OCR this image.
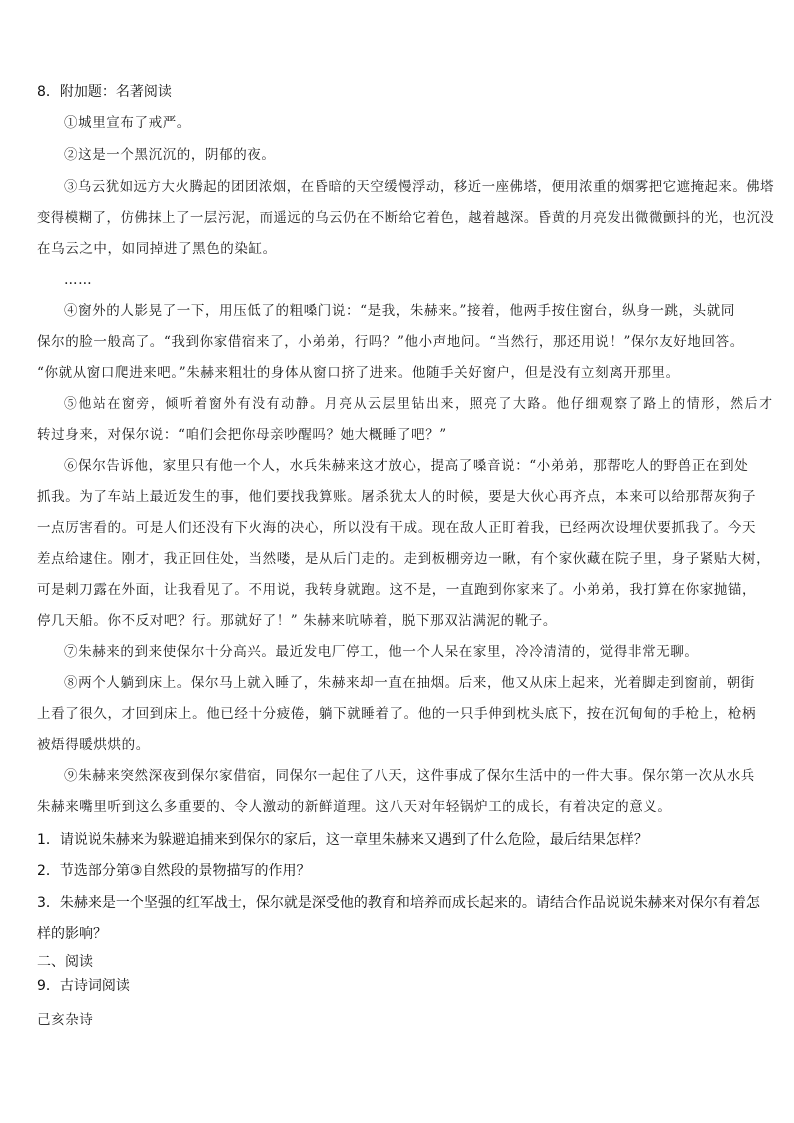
8．附加题：名著阅读
①城里宣布了戒严。
②这是一个黑沉沉的，阴郁的夜。
③乌云犹如远方大火腾起的团团浓烟，在昏暗的天空缓慢浮动，移近一座佛塔，便用浓重的烟雾把它遮掩起来。佛塔
变得模糊了，仿佛抹上了一层污泥，而遥远的乌云仍在不断给它着色，越着越深。昏黄的月亮发出微微颤抖的光，也沉没
在乌云之中，如同掉进了黑色的染缸。
……
④窗外的人影晃了一下，用压低了的粗嗓门说：“是我，朱赫来。”接着，他两手按住窗台，纵身一跳，头就同
保尔的脸一般高了。“我到你家借宿来了，小弟弟，行吗？”他小声地问。“当然行，那还用说！”保尔友好地回答。
“你就从窗口爬进来吧。”朱赫来粗壮的身体从窗口挤了进来。他随手关好窗户，但是没有立刻离开那里。
⑤他站在窗旁，倾听着窗外有没有动静。月亮从云层里钻出来，照亮了大路。他仔细观察了路上的情形，然后才
转过身来，对保尔说：“咱们会把你母亲吵醒吗？她大概睡了吧？”
⑥保尔告诉他，家里只有他一个人，水兵朱赫来这才放心，提高了嗓音说：“小弟弟，那帮吃人的野兽正在到处
抓我。为了车站上最近发生的事，他们要找我算账。屠杀犹太人的时候，要是大伙心再齐点，本来可以给那帮灰狗子
一点厉害看的。可是人们还没有下火海的决心，所以没有干成。现在敌人正盯着我，已经两次设埋伏要抓我了。今天
差点给逮住。刚才，我正回住处，当然喽，是从后门走的。走到板棚旁边一瞅，有个家伙藏在院子里，身子紧贴大树，
可是刺刀露在外面，让我看见了。不用说，我转身就跑。这不是，一直跑到你家来了。小弟弟，我打算在你家抛锚，
停几天船。你不反对吧？行。那就好了！” 朱赫来吭哧着，脱下那双沾满泥的靴子。
⑦朱赫来的到来使保尔十分高兴。最近发电厂停工，他一个人呆在家里，冷冷清清的，觉得非常无聊。
⑧两个人躺到床上。保尔马上就入睡了，朱赫来却一直在抽烟。后来，他又从床上起来，光着脚走到窗前，朝街
上看了很久，才回到床上。他已经十分疲倦，躺下就睡着了。他的一只手伸到枕头底下，按在沉甸甸的手枪上，枪柄
被焐得暖烘烘的。
⑨朱赫来突然深夜到保尔家借宿，同保尔一起住了八天，这件事成了保尔生活中的一件大事。保尔第一次从水兵
朱赫来嘴里听到这么多重要的、令人激动的新鲜道理。这八天对年轻锅炉工的成长，有着决定的意义。
1．请说说朱赫来为躲避追捕来到保尔的家后，这一章里朱赫来又遇到了什么危险，最后结果怎样？
2．节选部分第③自然段的景物描写的作用？
3．朱赫来是一个坚强的红军战士，保尔就是深受他的教育和培养而成长起来的。请结合作品说说朱赫来对保尔有着怎
样的影响？
二、阅读
9．古诗词阅读
己亥杂诗
